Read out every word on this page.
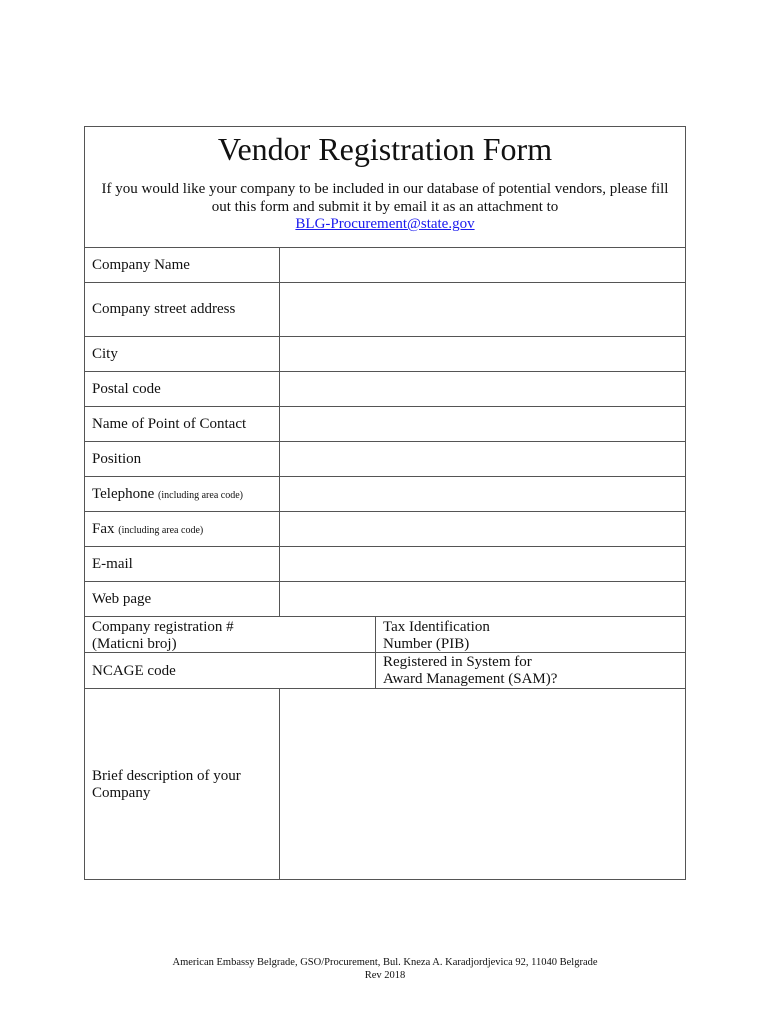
Vendor Registration Form
If you would like your company to be included in our database of potential vendors, please fill
out this form and submit it by email it as an attachment to
BLG-Procurement@state.gov
Company Name
Company street address
City
Postal code
Name of Point of Contact
Position
Telephone (including area code)
Fax (including area code)
E-mail
Web page
Company registration #
(Maticni broj)
Tax Identification
Number (PIB)
NCAGE code
Registered in System for
Award Management (SAM)?
Brief description of your
Company
American Embassy Belgrade, GSO/Procurement, Bul. Kneza A. Karadjordjevica 92, 11040 Belgrade
Rev 2018
